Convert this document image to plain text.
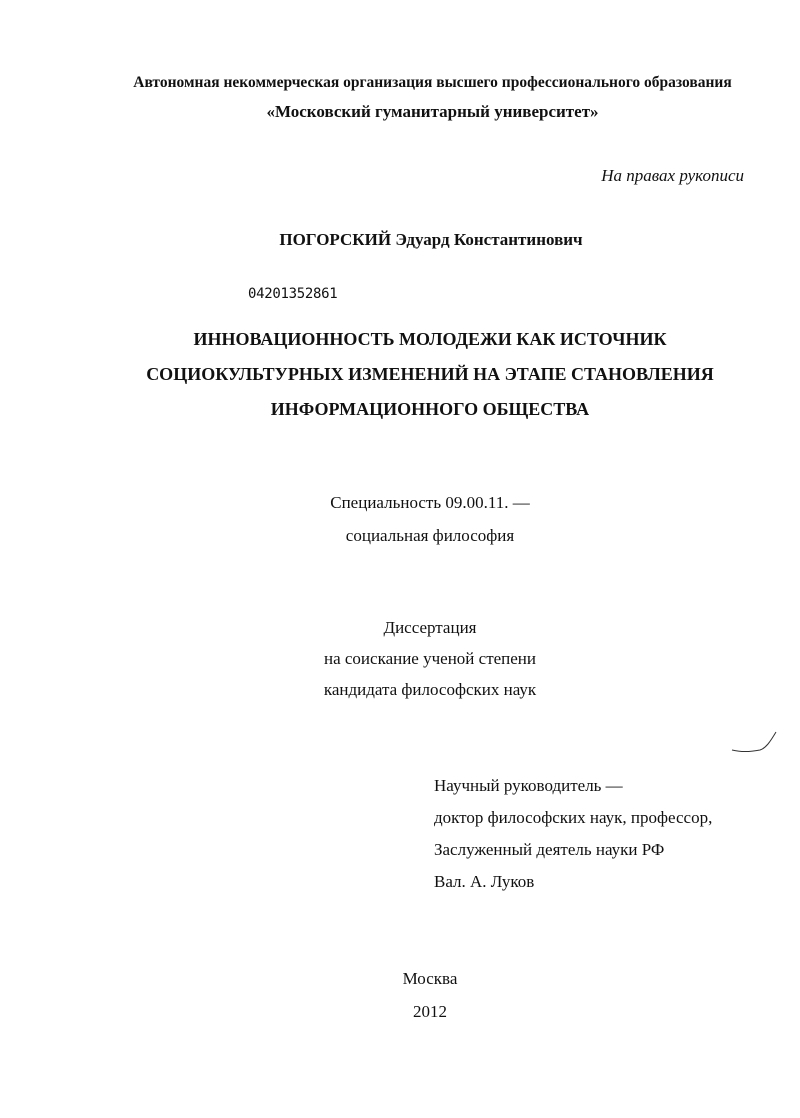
Автономная некоммерческая организация высшего профессионального образования
«Московский гуманитарный университет»
На правах рукописи
ПОГОРСКИЙ Эдуард Константинович
04201352861
ИННОВАЦИОННОСТЬ МОЛОДЕЖИ КАК ИСТОЧНИК
СОЦИОКУЛЬТУРНЫХ ИЗМЕНЕНИЙ НА ЭТАПЕ СТАНОВЛЕНИЯ
ИНФОРМАЦИОННОГО ОБЩЕСТВА
Специальность 09.00.11. —
социальная философия
Диссертация
на соискание ученой степени
кандидата философских наук
Научный руководитель —
доктор философских наук, профессор,
Заслуженный деятель науки РФ
Вал. А. Луков
Москва
2012
